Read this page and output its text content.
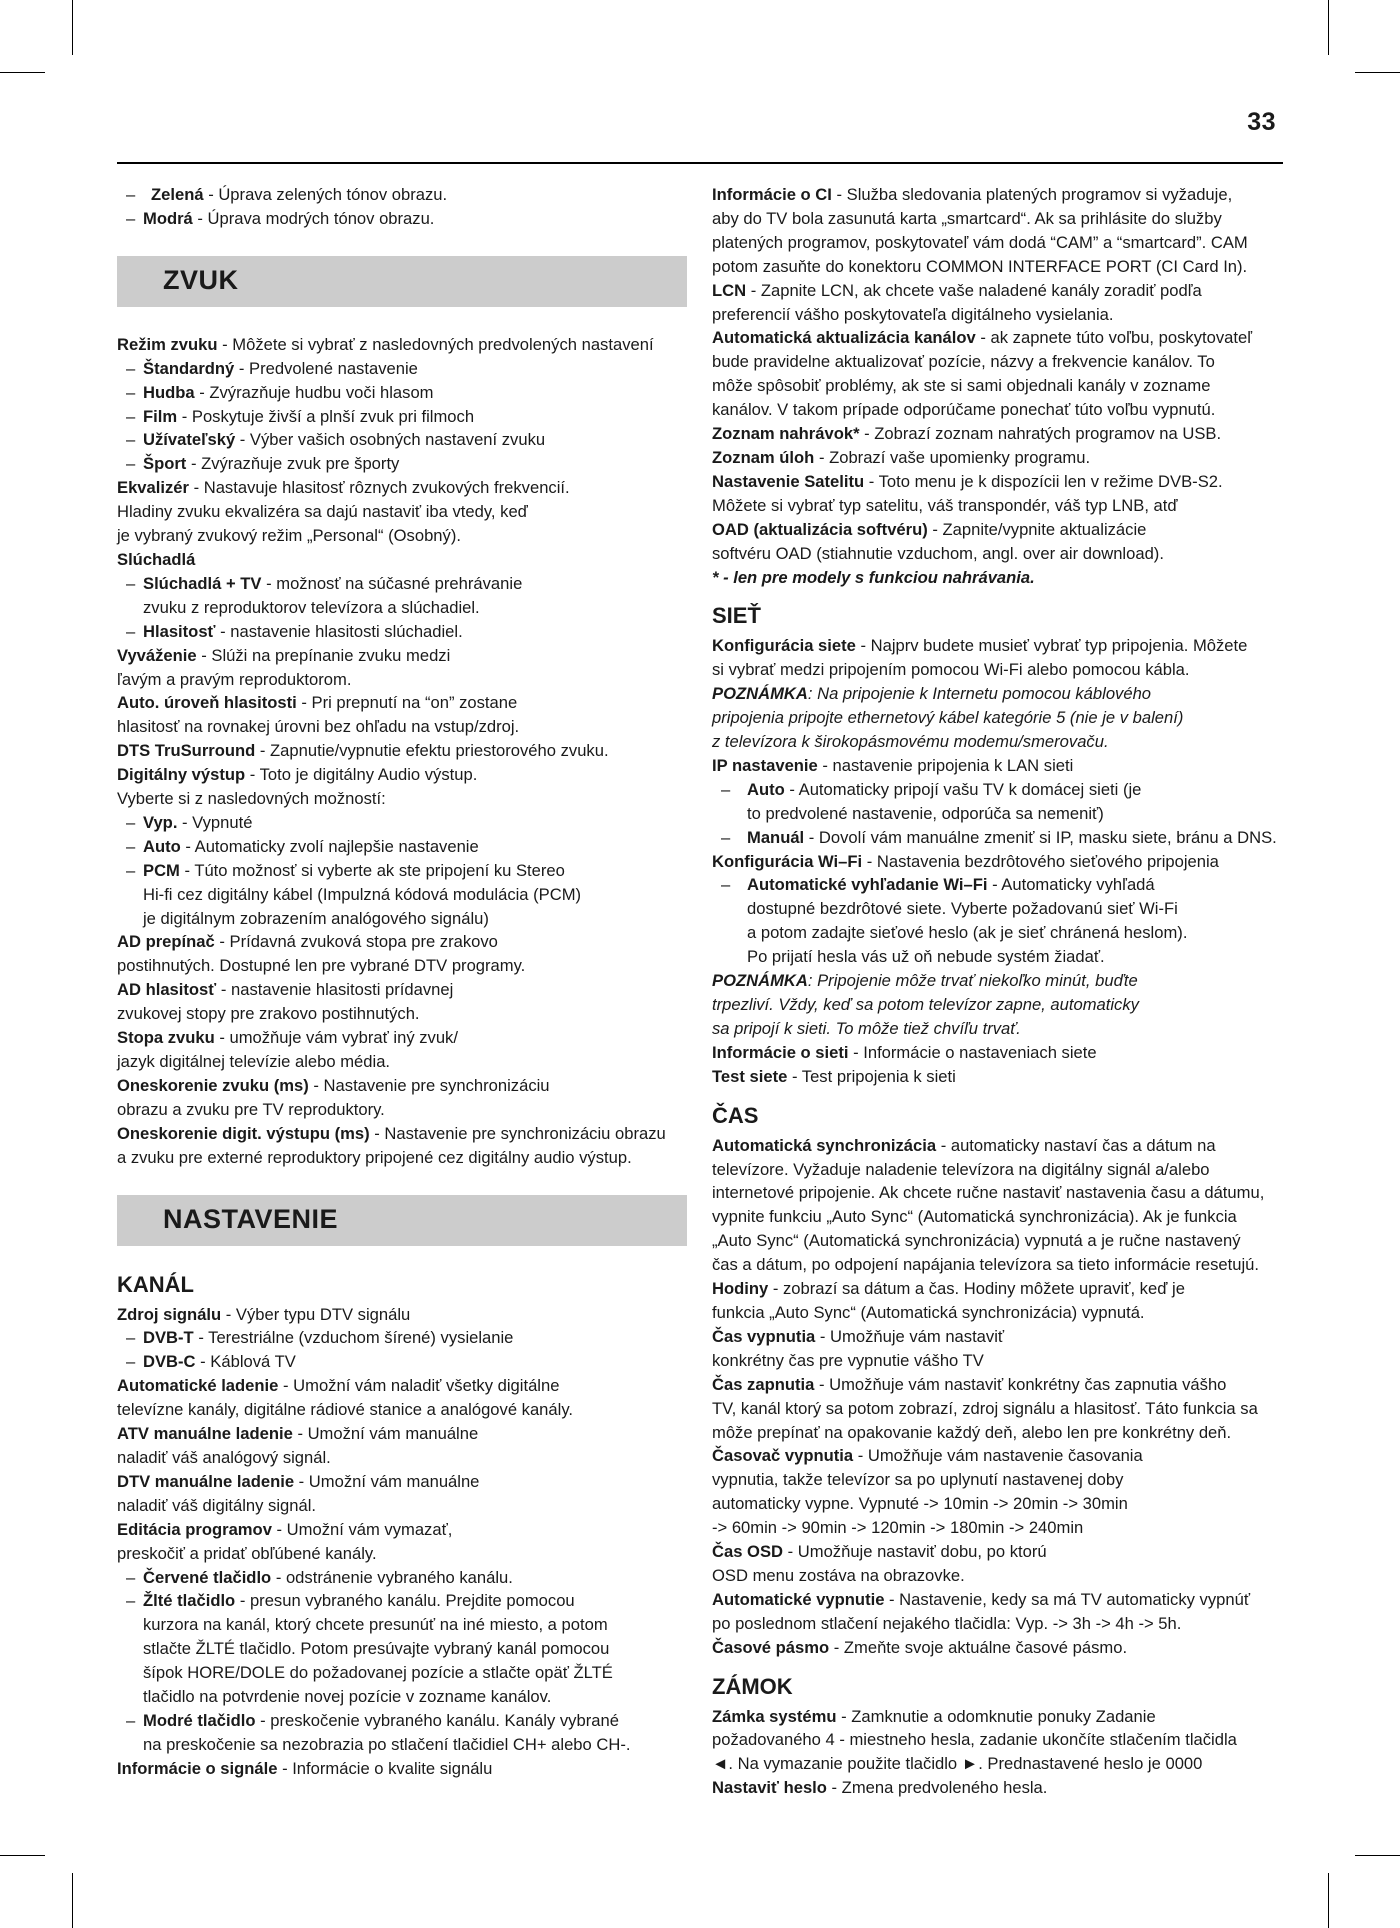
33

– Zelená - Úprava zelených tónov obrazu.

– Modrá - Úprava modrých tónov obrazu.

ZVUK

Režim zvuku - Môžete si vybrať z nasledovných predvolených nastavení

– Štandardný - Predvolené nastavenie

– Hudba - Zvýrazňuje hudbu voči hlasom

– Film - Poskytuje živší a plnší zvuk pri filmoch

– Užívateľský - Výber vašich osobných nastavení zvuku

– Šport - Zvýrazňuje zvuk pre športy

Ekvalizér - Nastavuje hlasitosť rôznych zvukových frekvencií.

Hladiny zvuku ekvalizéra sa dajú nastaviť iba vtedy, keď

je vybraný zvukový režim „Personal“ (Osobný).

Slúchadlá

– Slúchadlá + TV - možnosť na súčasné prehrávanie

zvuku z reproduktorov televízora a slúchadiel.

– Hlasitosť - nastavenie hlasitosti slúchadiel.

Vyváženie - Slúži na prepínanie zvuku medzi

ľavým a pravým reproduktorom.

Auto. úroveň hlasitosti - Pri prepnutí na “on” zostane

hlasitosť na rovnakej úrovni bez ohľadu na vstup/zdroj.

DTS TruSurround - Zapnutie/vypnutie efektu priestorového zvuku.

Digitálny výstup - Toto je digitálny Audio výstup.

Vyberte si z nasledovných možností:

– Vyp. - Vypnuté

– Auto - Automaticky zvolí najlepšie nastavenie

– PCM - Túto možnosť si vyberte ak ste pripojení ku Stereo

Hi-fi cez digitálny kábel (Impulzná kódová modulácia (PCM)

je digitálnym zobrazením analógového signálu)

AD prepínač - Prídavná zvuková stopa pre zrakovo

postihnutých. Dostupné len pre vybrané DTV programy.

AD hlasitosť - nastavenie hlasitosti prídavnej

zvukovej stopy pre zrakovo postihnutých.

Stopa zvuku - umožňuje vám vybrať iný zvuk/

jazyk digitálnej televízie alebo média.

Oneskorenie zvuku (ms) - Nastavenie pre synchronizáciu

obrazu a zvuku pre TV reproduktory.

Oneskorenie digit. výstupu (ms) - Nastavenie pre synchronizáciu obrazu

a zvuku pre externé reproduktory pripojené cez digitálny audio výstup.

NASTAVENIE
KANÁL

Zdroj signálu - Výber typu DTV signálu

– DVB-T - Terestriálne (vzduchom šírené) vysielanie

– DVB-C - Káblová TV

Automatické ladenie - Umožní vám naladiť všetky digitálne

televízne kanály, digitálne rádiové stanice a analógové kanály.

ATV manuálne ladenie - Umožní vám manuálne

naladiť váš analógový signál.

DTV manuálne ladenie - Umožní vám manuálne

naladiť váš digitálny signál.

Editácia programov - Umožní vám vymazať,

preskočiť a pridať obľúbené kanály.

– Červené tlačidlo - odstránenie vybraného kanálu.

– Žlté tlačidlo - presun vybraného kanálu. Prejdite pomocou

kurzora na kanál, ktorý chcete presunúť na iné miesto, a potom

stlačte ŽLTÉ tlačidlo. Potom presúvajte vybraný kanál pomocou

šípok HORE/DOLE do požadovanej pozície a stlačte opäť ŽLTÉ

tlačidlo na potvrdenie novej pozície v zozname kanálov.

– Modré tlačidlo - preskočenie vybraného kanálu. Kanály vybrané

na preskočenie sa nezobrazia po stlačení tlačidiel CH+ alebo CH-.

Informácie o signále - Informácie o kvalite signálu

Informácie o CI - Služba sledovania platených programov si vyžaduje,

aby do TV bola zasunutá karta „smartcard“. Ak sa prihlásite do služby

platených programov, poskytovateľ vám dodá “CAM” a “smartcard”. CAM

potom zasuňte do konektoru COMMON INTERFACE PORT (CI Card In).

LCN - Zapnite LCN, ak chcete vaše naladené kanály zoradiť podľa

preferencií vášho poskytovateľa digitálneho vysielania.

Automatická aktualizácia kanálov - ak zapnete túto voľbu, poskytovateľ

bude pravidelne aktualizovať pozície, názvy a frekvencie kanálov. To

môže spôsobiť problémy, ak ste si sami objednali kanály v zozname

kanálov. V takom prípade odporúčame ponechať túto voľbu vypnutú.

Zoznam nahrávok* - Zobrazí zoznam nahratých programov na USB.

Zoznam úloh - Zobrazí vaše upomienky programu.

Nastavenie Satelitu - Toto menu je k dispozícii len v režime DVB-S2.

Môžete si vybrať typ satelitu, váš transpondér, váš typ LNB, atď

OAD (aktualizácia softvéru) - Zapnite/vypnite aktualizácie

softvéru OAD (stiahnutie vzduchom, angl. over air download).

* - len pre modely s funkciou nahrávania.

SIEŤ

Konfigurácia siete - Najprv budete musieť vybrať typ pripojenia. Môžete

si vybrať medzi pripojením pomocou Wi-Fi alebo pomocou kábla.

POZNÁMKA: Na pripojenie k Internetu pomocou káblového

pripojenia pripojte ethernetový kábel kategórie 5 (nie je v balení)

z televízora k širokopásmovému modemu/smerovaču.

IP nastavenie - nastavenie pripojenia k LAN sieti

– Auto - Automaticky pripojí vašu TV k domácej sieti (je

to predvolené nastavenie, odporúča sa nemeniť)

– Manuál - Dovolí vám manuálne zmeniť si IP, masku siete, bránu a DNS.

Konfigurácia Wi–Fi - Nastavenia bezdrôtového sieťového pripojenia

– Automatické vyhľadanie Wi–Fi - Automaticky vyhľadá

dostupné bezdrôtové siete. Vyberte požadovanú sieť Wi-Fi

a potom zadajte sieťové heslo (ak je sieť chránená heslom).

Po prijatí hesla vás už oň nebude systém žiadať.

POZNÁMKA: Pripojenie môže trvať niekoľko minút, buďte

trpezliví. Vždy, keď sa potom televízor zapne, automaticky

sa pripojí k sieti. To môže tiež chvíľu trvať.

Informácie o sieti - Informácie o nastaveniach siete

Test siete - Test pripojenia k sieti

ČAS

Automatická synchronizácia - automaticky nastaví čas a dátum na

televízore. Vyžaduje naladenie televízora na digitálny signál a/alebo

internetové pripojenie. Ak chcete ručne nastaviť nastavenia času a dátumu,

vypnite funkciu „Auto Sync“ (Automatická synchronizácia). Ak je funkcia

„Auto Sync“ (Automatická synchronizácia) vypnutá a je ručne nastavený

čas a dátum, po odpojení napájania televízora sa tieto informácie resetujú.

Hodiny - zobrazí sa dátum a čas. Hodiny môžete upraviť, keď je

funkcia „Auto Sync“ (Automatická synchronizácia) vypnutá.

Čas vypnutia - Umožňuje vám nastaviť

konkrétny čas pre vypnutie vášho TV

Čas zapnutia - Umožňuje vám nastaviť konkrétny čas zapnutia vášho

TV, kanál ktorý sa potom zobrazí, zdroj signálu a hlasitosť. Táto funkcia sa

môže prepínať na opakovanie každý deň, alebo len pre konkrétny deň.

Časovač vypnutia - Umožňuje vám nastavenie časovania

vypnutia, takže televízor sa po uplynutí nastavenej doby

automaticky vypne. Vypnuté -> 10min -> 20min -> 30min

-> 60min -> 90min -> 120min -> 180min -> 240min

Čas OSD - Umožňuje nastaviť dobu, po ktorú

OSD menu zostáva na obrazovke.

Automatické vypnutie - Nastavenie, kedy sa má TV automaticky vypnúť

po poslednom stlačení nejakého tlačidla: Vyp. -> 3h -> 4h -> 5h.

Časové pásmo - Zmeňte svoje aktuálne časové pásmo.

ZÁMOK

Zámka systému - Zamknutie a odomknutie ponuky Zadanie

požadovaného 4 - miestneho hesla, zadanie ukončíte stlačením tlačidla

◄. Na vymazanie použite tlačidlo ►. Prednastavené heslo je 0000

Nastaviť heslo - Zmena predvoleného hesla.
